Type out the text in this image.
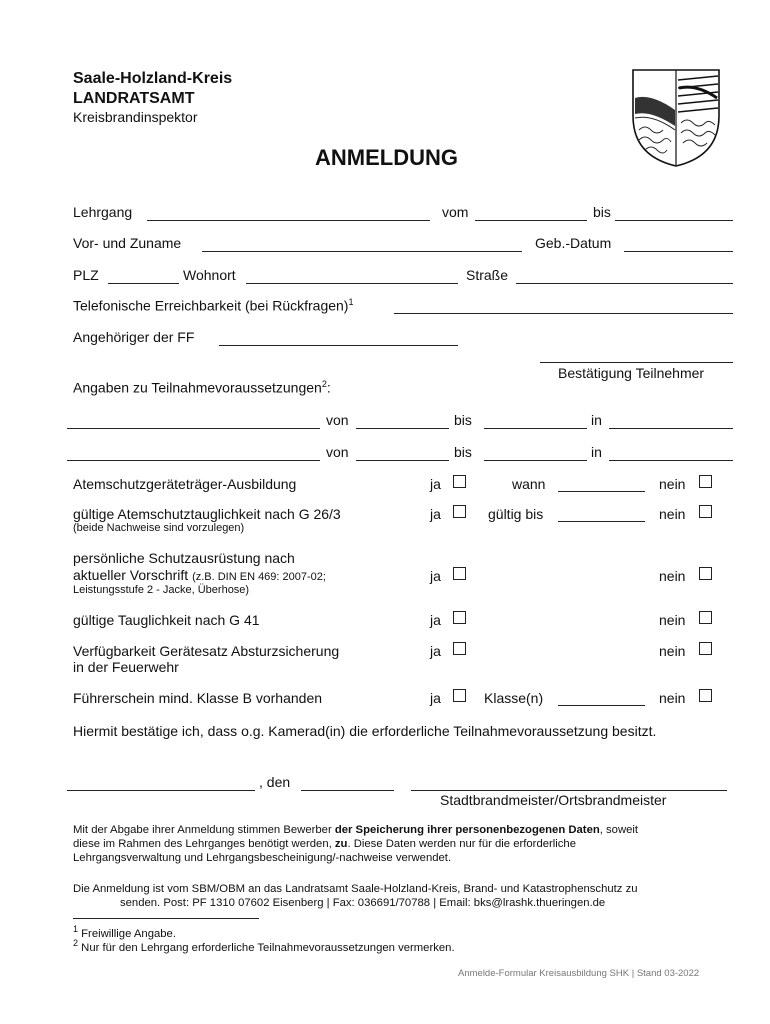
Saale-Holzland-Kreis
LANDRATSAMT
Kreisbrandinspektor
ANMELDUNG
Lehrgang	vom	bis
Vor- und Zuname	Geb.-Datum
PLZ	Wohnort	Straße
Telefonische Erreichbarkeit (bei Rückfragen)$^1$
Angehöriger der FF
Bestätigung Teilnehmer
Angaben zu Teilnahmevoraussetzungen$^2$:
von	bis	in
von	bis	in
Atemschutzgeräteträger-Ausbildung	ja	wann	nein
gültige Atemschutztauglichkeit nach G 26/3
(beide Nachweise sind vorzulegen)
ja	gültig bis	nein
persönliche Schutzausrüstung nach
aktueller Vorschrift (z.B. DIN EN 469: 2007-02;
Leistungsstufe 2 - Jacke, Überhose)
ja	nein
gültige Tauglichkeit nach G 41	ja	nein
Verfügbarkeit Gerätesatz Absturzsicherung
in der Feuerwehr
ja	nein
Führerschein mind. Klasse B vorhanden	ja	Klasse(n)	nein
Hiermit bestätige ich, dass o.g. Kamerad(in) die erforderliche Teilnahmevoraussetzung besitzt.
, den
Stadtbrandmeister/Ortsbrandmeister
Mit der Abgabe ihrer Anmeldung stimmen Bewerber der Speicherung ihrer personenbezogenen Daten, soweit
diese im Rahmen des Lehrganges benötigt werden, zu. Diese Daten werden nur für die erforderliche
Lehrgangsverwaltung und Lehrgangsbescheinigung/-nachweise verwendet.
Die Anmeldung ist vom SBM/OBM an das Landratsamt Saale-Holzland-Kreis, Brand- und Katastrophenschutz zu
senden. Post: PF 1310 07602 Eisenberg | Fax: 036691/70788 | Email: bks@lrashk.thueringen.de
$^1$ Freiwillige Angabe.
$^2$ Nur für den Lehrgang erforderliche Teilnahmevoraussetzungen vermerken.
Anmelde-Formular Kreisausbildung SHK | Stand 03-2022
